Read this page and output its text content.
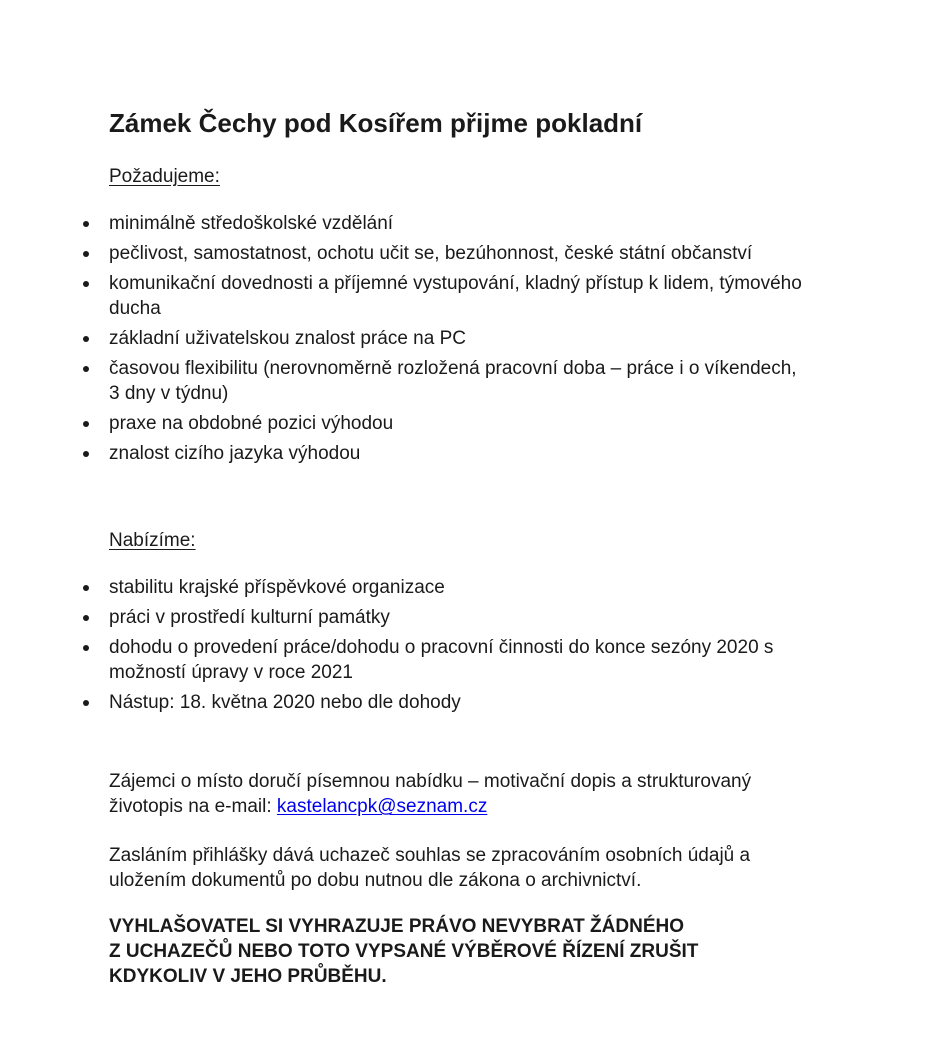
Zámek Čechy pod Kosířem přijme pokladní

Požadujeme:

minimálně středoškolské vzdělání
pečlivost, samostatnost, ochotu učit se, bezúhonnost, české státní občanství
komunikační dovednosti a příjemné vystupování, kladný přístup k lidem, týmového ducha
základní uživatelskou znalost práce na PC
časovou flexibilitu (nerovnoměrně rozložená pracovní doba – práce i o víkendech, 3 dny v týdnu)
praxe na obdobné pozici výhodou
znalost cizího jazyka výhodou

Nabízíme:

stabilitu krajské příspěvkové organizace
práci v prostředí kulturní památky
dohodu o provedení práce/dohodu o pracovní činnosti do konce sezóny 2020 s možností úpravy v roce 2021
Nástup: 18. května 2020 nebo dle dohody

Zájemci o místo doručí písemnou nabídku – motivační dopis a strukturovaný životopis na e-mail: kastelancpk@seznam.cz

Zasláním přihlášky dává uchazeč souhlas se zpracováním osobních údajů a uložením dokumentů po dobu nutnou dle zákona o archivnictví.

VYHLAŠOVATEL SI VYHRAZUJE PRÁVO NEVYBRAT ŽÁDNÉHO
Z UCHAZEČŮ NEBO TOTO VYPSANÉ VÝBĚROVÉ ŘÍZENÍ ZRUŠIT
KDYKOLIV V JEHO PRŮBĚHU.
